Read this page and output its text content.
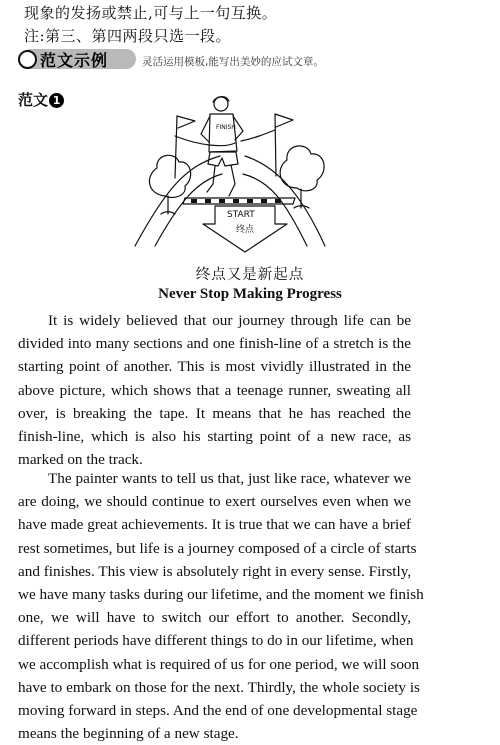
现象的发扬或禁止,可与上一句互换。
注:第三、第四两段只选一段。
范文示例	灵活运用模板,能写出美妙的应试文章。
范文 1
FINISH
START
终点
终点又是新起点
Never Stop Making Progress
It is widely believed that our journey through life can be
divided into many sections and one finish-line of a stretch is the
starting point of another. This is most vividly illustrated in the
above picture, which shows that a teenage runner, sweating all
over, is breaking the tape. It means that he has reached the
finish-line, which is also his starting point of a new race, as
marked on the track.
The painter wants to tell us that, just like race, whatever we
are doing, we should continue to exert ourselves even when we
have made great achievements. It is true that we can have a brief
rest sometimes, but life is a journey composed of a circle of starts
and finishes. This view is absolutely right in every sense. Firstly,
we have many tasks during our lifetime, and the moment we finish
one, we will have to switch our effort to another. Secondly,
different periods have different things to do in our lifetime, when
we accomplish what is required of us for one period, we will soon
have to embark on those for the next. Thirdly, the whole society is
moving forward in steps. And the end of one developmental stage
means the beginning of a new stage.
